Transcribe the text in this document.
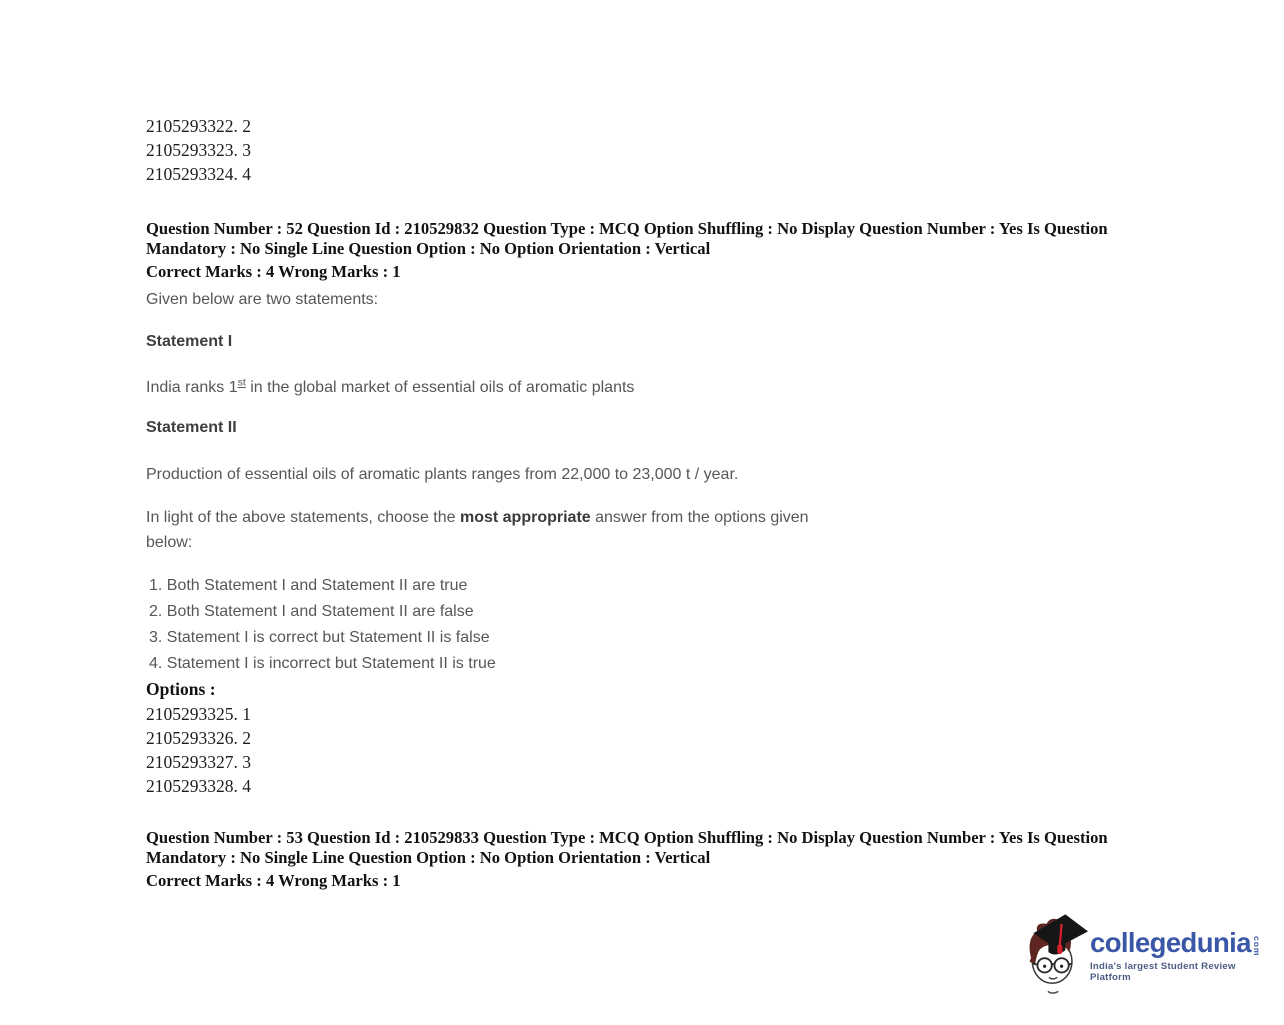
2105293322. 2
2105293323. 3
2105293324. 4
Question Number : 52 Question Id : 210529832 Question Type : MCQ Option Shuffling : No Display Question Number : Yes Is Question
Mandatory : No Single Line Question Option : No Option Orientation : Vertical
Correct Marks : 4 Wrong Marks : 1
Given below are two statements:
Statement I
India ranks 1st in the global market of essential oils of aromatic plants
Statement II
Production of essential oils of aromatic plants ranges from 22,000 to 23,000 t / year.
In light of the above statements, choose the most appropriate answer from the options given
below:
1. Both Statement I and Statement II are true
2. Both Statement I and Statement II are false
3. Statement I is correct but Statement II is false
4. Statement I is incorrect but Statement II is true
Options :
2105293325. 1
2105293326. 2
2105293327. 3
2105293328. 4
Question Number : 53 Question Id : 210529833 Question Type : MCQ Option Shuffling : No Display Question Number : Yes Is Question
Mandatory : No Single Line Question Option : No Option Orientation : Vertical
Correct Marks : 4 Wrong Marks : 1
collegedunia com
India's largest Student Review Platform
